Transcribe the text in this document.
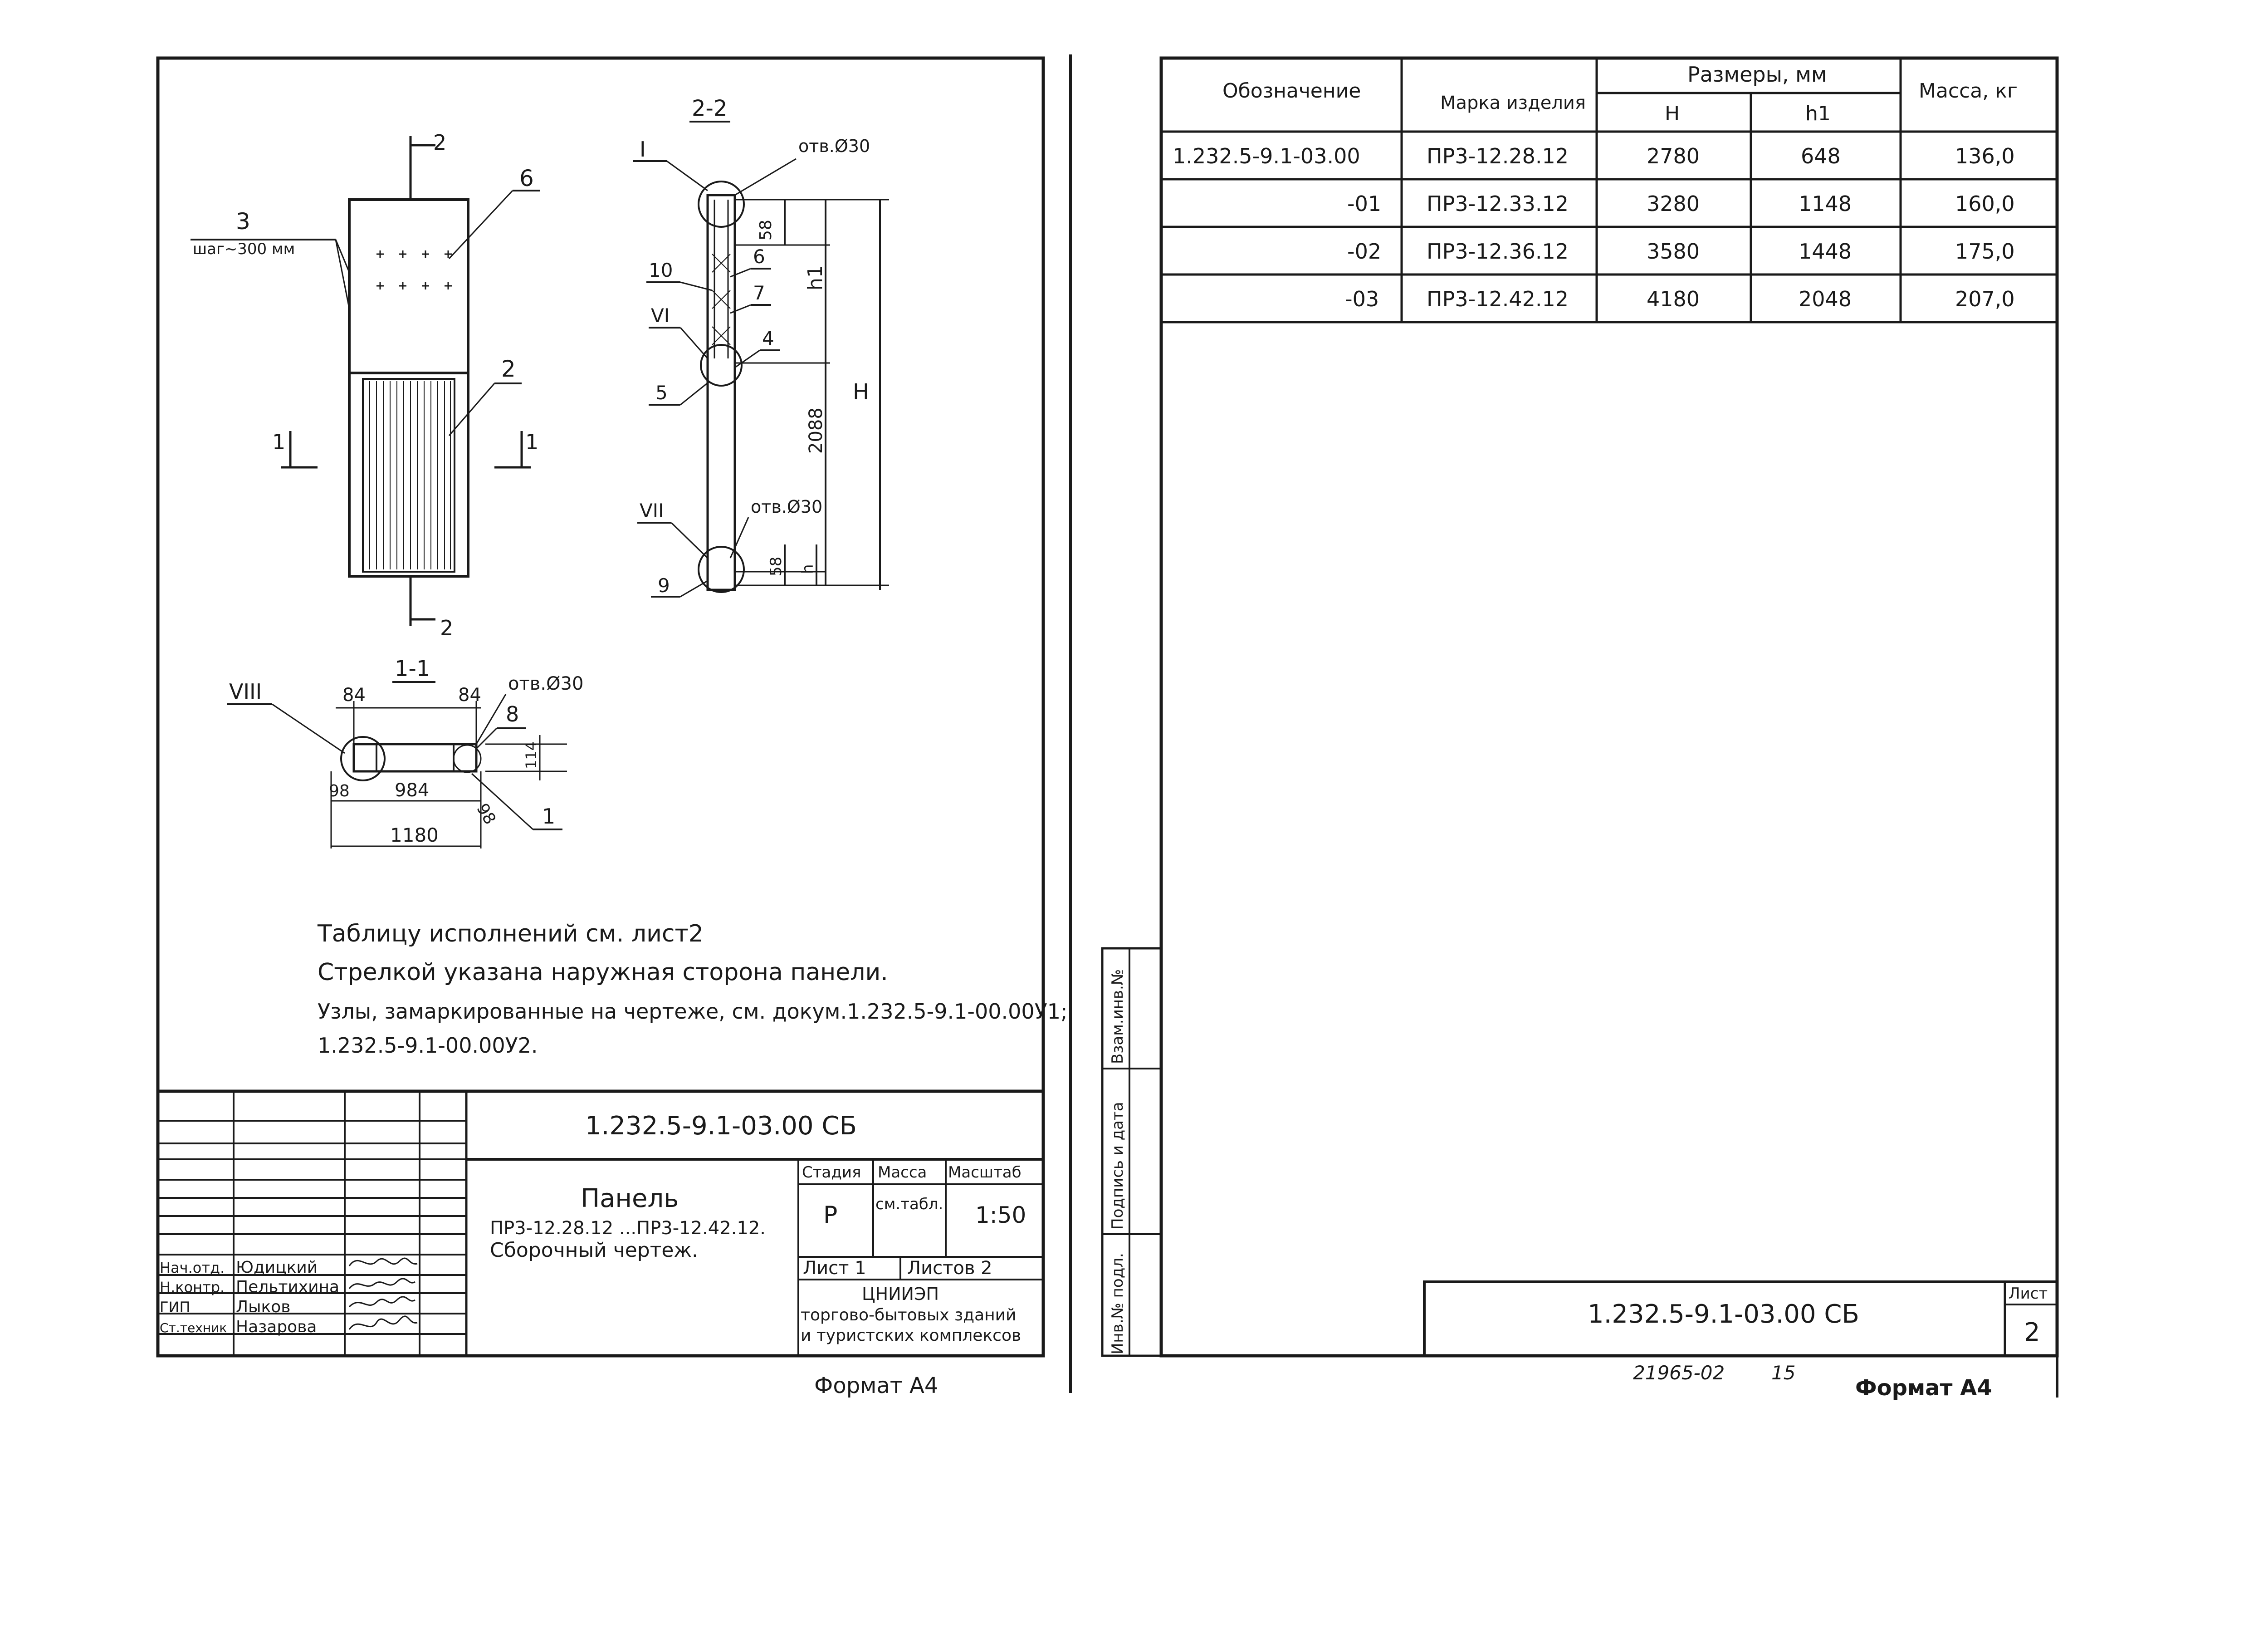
2
2
1	1
3
шаг~300 мм
6
2
2-2
58
h1
2088
H
58 h
отв.Ø30
отв.Ø30
I
10
VI
5
VII
9
6
7
4
1-1
84	84
отв.Ø30
8
114
1
VIII
98 984
98
1180
Таблицу исполнений см. лист2
Стрелкой указана наружная сторона панели.
Узлы, замаркированные на чертеже, см. докум.1.232.5-9.1-00.00У1;
1.232.5-9.1-00.00У2.
Нач.отд. Юдицкий
Н.контр. Пельтихина
ГИП	Лыков
Ст.техник Назарова
1.232.5-9.1-03.00 СБ
Панель
ПР3-12.28.12 ...ПР3-12.42.12.
Сборочный чертеж.
Стадия Масса Масштаб
Р см.табл. 1:50
Лист 1 Листов 2
ЦНИИЭП
торгово-бытовых зданий
и туристских комплексов
Формат А4
Инв.№ подл.
Подпись и дата
Взам.инв.№
Обозначение
Марка изделия
Размеры, мм
H	h1
Масса, кг
1.232.5-9.1-03.00	ПР3-12.28.12	2780	648	136,0
-01 ПР3-12.33.12	3280	1148	160,0
-02 ПР3-12.36.12	3580	1448	175,0
-03 ПР3-12.42.12	4180	2048	207,0
1.232.5-9.1-03.00 СБ
Лист
2
21965-02 15
Формат А4
